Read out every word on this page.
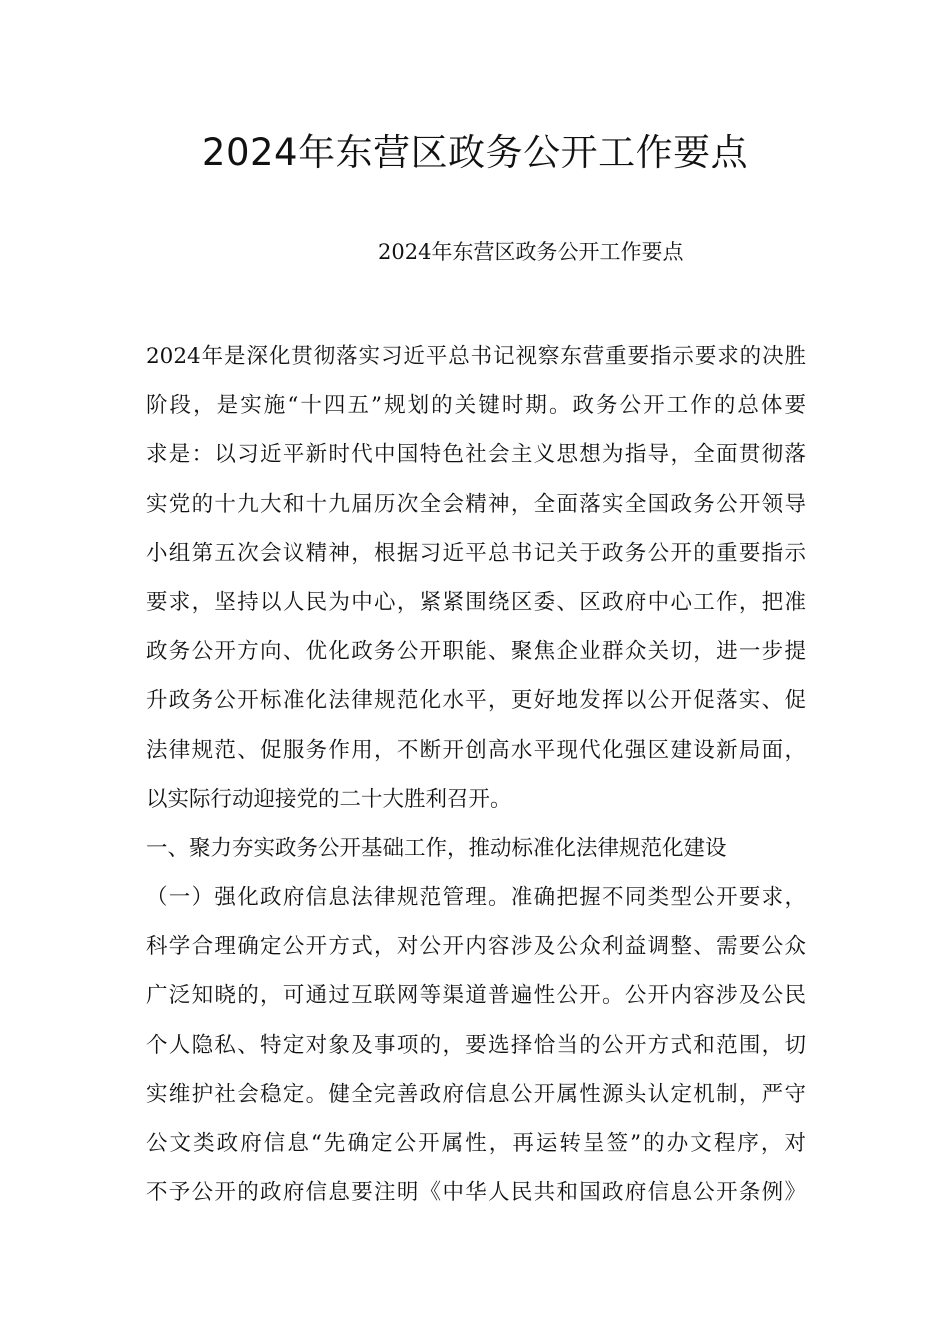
2024年东营区政务公开工作要点

2024年东营区政务公开工作要点

2024年是深化贯彻落实习近平总书记视察东营重要指示要求的决胜
阶段，是实施“十四五”规划的关键时期。政务公开工作的总体要
求是：以习近平新时代中国特色社会主义思想为指导，全面贯彻落
实党的十九大和十九届历次全会精神，全面落实全国政务公开领导
小组第五次会议精神，根据习近平总书记关于政务公开的重要指示
要求，坚持以人民为中心，紧紧围绕区委、区政府中心工作，把准
政务公开方向、优化政务公开职能、聚焦企业群众关切，进一步提
升政务公开标准化法律规范化水平，更好地发挥以公开促落实、促
法律规范、促服务作用，不断开创高水平现代化强区建设新局面，
以实际行动迎接党的二十大胜利召开。
一、聚力夯实政务公开基础工作，推动标准化法律规范化建设
（一）强化政府信息法律规范管理。准确把握不同类型公开要求，
科学合理确定公开方式，对公开内容涉及公众利益调整、需要公众
广泛知晓的，可通过互联网等渠道普遍性公开。公开内容涉及公民
个人隐私、特定对象及事项的，要选择恰当的公开方式和范围，切
实维护社会稳定。健全完善政府信息公开属性源头认定机制，严守
公文类政府信息“先确定公开属性，再运转呈签”的办文程序，对
不予公开的政府信息要注明《中华人民共和国政府信息公开条例》
